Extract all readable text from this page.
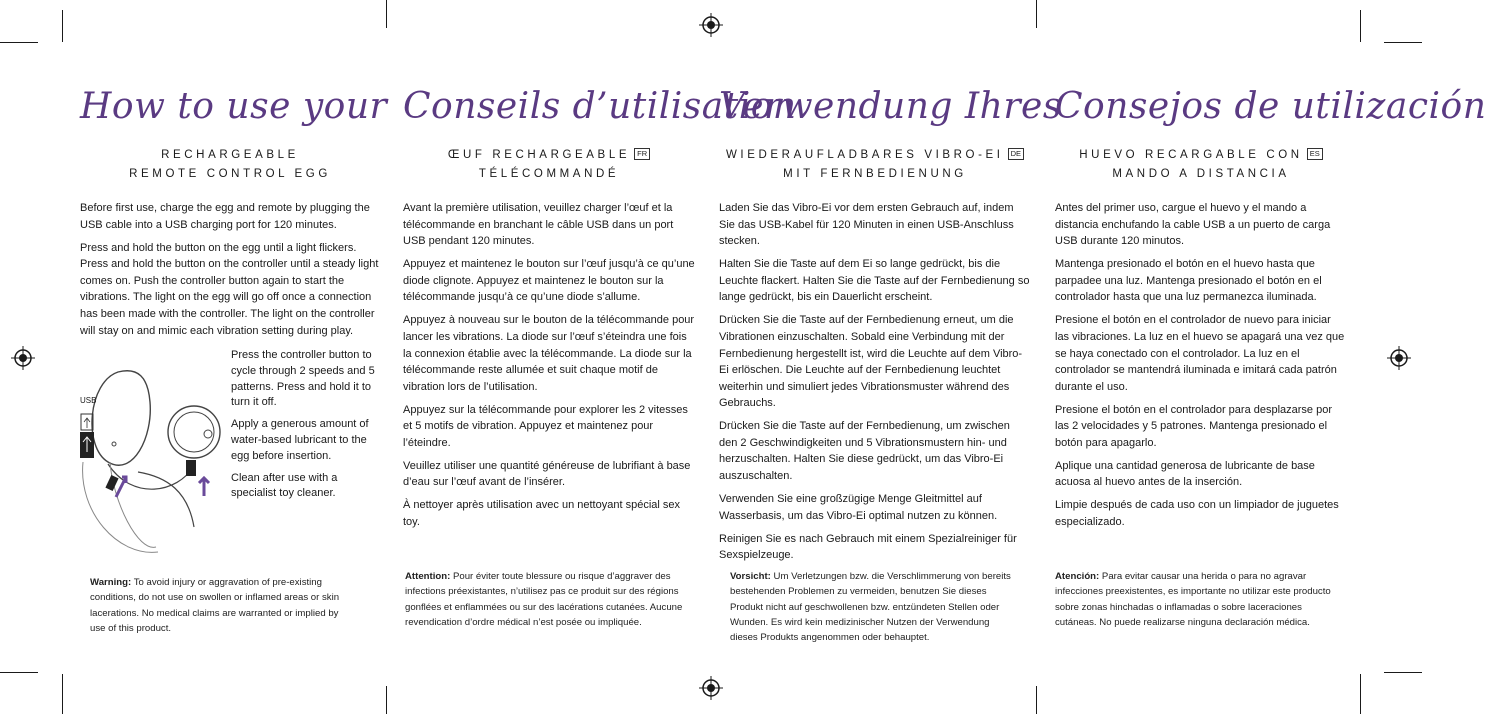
How to use your
RECHARGEABLE
REMOTE CONTROL EGG

Before first use, charge the egg and remote by plugging the USB cable into a USB charging port for 120 minutes.

Press and hold the button on the egg until a light flickers. Press and hold the button on the controller until a steady light comes on. Push the controller button again to start the vibrations. The light on the egg will go off once a connection has been made with the controller. The light on the controller will stay on and mimic each vibration setting during play.

USB

Press the controller button to cycle through 2 speeds and 5 patterns. Press and hold it to turn it off.

Apply a generous amount of water-based lubricant to the egg before insertion.

Clean after use with a specialist toy cleaner.

Warning: To avoid injury or aggravation of pre-existing conditions, do not use on swollen or inflamed areas or skin lacerations. No medical claims are warranted or implied by use of this product.
Conseils d’utilisation
ŒUF RECHARGEABLE FR
TÉLÉCOMMANDÉ

Avant la première utilisation, veuillez charger l’œuf et la télécommande en branchant le câble USB dans un port USB pendant 120 minutes.

Appuyez et maintenez le bouton sur l’œuf jusqu’à ce qu’une diode clignote. Appuyez et maintenez le bouton sur la télécommande jusqu’à ce qu’une diode s’allume.

Appuyez à nouveau sur le bouton de la télécommande pour lancer les vibrations. La diode sur l’œuf s’éteindra une fois la connexion établie avec la télécommande. La diode sur la télécommande reste allumée et suit chaque motif de vibration lors de l’utilisation.

Appuyez sur la télécommande pour explorer les 2 vitesses et 5 motifs de vibration. Appuyez et maintenez pour l’éteindre.

Veuillez utiliser une quantité généreuse de lubrifiant à base d’eau sur l’œuf avant de l’insérer.

À nettoyer après utilisation avec un nettoyant spécial sex toy.

Attention: Pour éviter toute blessure ou risque d’aggraver des infections préexistantes, n’utilisez pas ce produit sur des régions gonflées et enflammées ou sur des lacérations cutanées. Aucune revendication d’ordre médical n’est posée ou impliquée.
Verwendung Ihres
WIEDERAUFLADBARES VIBRO-EI DE
MIT FERNBEDIENUNG

Laden Sie das Vibro-Ei vor dem ersten Gebrauch auf, indem Sie das USB-Kabel für 120 Minuten in einen USB-Anschluss stecken.

Halten Sie die Taste auf dem Ei so lange gedrückt, bis die Leuchte flackert. Halten Sie die Taste auf der Fernbedienung so lange gedrückt, bis ein Dauerlicht erscheint.

Drücken Sie die Taste auf der Fernbedienung erneut, um die Vibrationen einzuschalten. Sobald eine Verbindung mit der Fernbedienung hergestellt ist, wird die Leuchte auf dem Vibro-Ei erlöschen. Die Leuchte auf der Fernbedienung leuchtet weiterhin und simuliert jedes Vibrationsmuster während des Gebrauchs.

Drücken Sie die Taste auf der Fernbedienung, um zwischen den 2 Geschwindigkeiten und 5 Vibrationsmustern hin- und herzuschalten. Halten Sie diese gedrückt, um das Vibro-Ei auszuschalten.

Verwenden Sie eine großzügige Menge Gleitmittel auf Wasserbasis, um das Vibro-Ei optimal nutzen zu können.

Reinigen Sie es nach Gebrauch mit einem Spezialreiniger für Sexspielzeuge.

Vorsicht: Um Verletzungen bzw. die Verschlimmerung von bereits bestehenden Problemen zu vermeiden, benutzen Sie dieses Produkt nicht auf geschwollenen bzw. entzündeten Stellen oder Wunden. Es wird kein medizinischer Nutzen der Verwendung dieses Produkts angenommen oder behauptet.
Consejos de utilización
HUEVO RECARGABLE CON ES
MANDO A DISTANCIA

Antes del primer uso, cargue el huevo y el mando a distancia enchufando la cable USB a un puerto de carga USB durante 120 minutos.

Mantenga presionado el botón en el huevo hasta que parpadee una luz. Mantenga presionado el botón en el controlador hasta que una luz permanezca iluminada.

Presione el botón en el controlador de nuevo para iniciar las vibraciones. La luz en el huevo se apagará una vez que se haya conectado con el controlador. La luz en el controlador se mantendrá iluminada e imitará cada patrón durante el uso.

Presione el botón en el controlador para desplazarse por las 2 velocidades y 5 patrones. Mantenga presionado el botón para apagarlo.

Aplique una cantidad generosa de lubricante de base acuosa al huevo antes de la inserción.

Limpie después de cada uso con un limpiador de juguetes especializado.

Atención: Para evitar causar una herida o para no agravar infecciones preexistentes, es importante no utilizar este producto sobre zonas hinchadas o inflamadas o sobre laceraciones cutáneas. No puede realizarse ninguna declaración médica.
